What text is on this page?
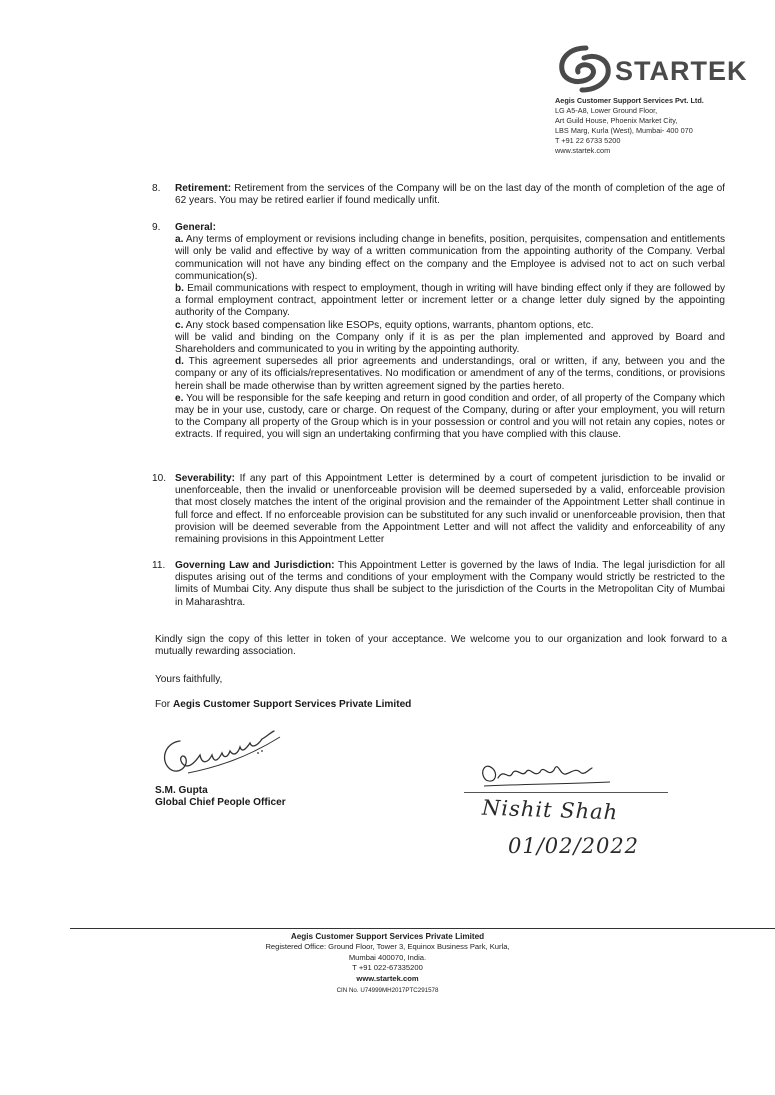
STARTEK
Aegis Customer Support Services Pvt. Ltd.
LG A5-A8, Lower Ground Floor,
Art Guild House, Phoenix Market City,
LBS Marg, Kurla (West), Mumbai- 400 070
T +91 22 6733 5200
www.startek.com
8. Retirement: Retirement from the services of the Company will be on the last day of the month of completion of the age of 62 years. You may be retired earlier if found medically unfit.

9. General:

a. Any terms of employment or revisions including change in benefits, position, perquisites, compensation and entitlements will only be valid and effective by way of a written communication from the appointing authority of the Company. Verbal communication will not have any binding effect on the company and the Employee is advised not to act on such verbal communication(s).

b. Email communications with respect to employment, though in writing will have binding effect only if they are followed by a formal employment contract, appointment letter or increment letter or a change letter duly signed by the appointing authority of the Company.

c. Any stock based compensation like ESOPs, equity options, warrants, phantom options, etc.

will be valid and binding on the Company only if it is as per the plan implemented and approved by Board and Shareholders and communicated to you in writing by the appointing authority.

d. This agreement supersedes all prior agreements and understandings, oral or written, if any, between you and the company or any of its officials/representatives. No modification or amendment of any of the terms, conditions, or provisions herein shall be made otherwise than by written agreement signed by the parties hereto.

e. You will be responsible for the safe keeping and return in good condition and order, of all property of the Company which may be in your use, custody, care or charge. On request of the Company, during or after your employment, you will return to the Company all property of the Group which is in your possession or control and you will not retain any copies, notes or extracts. If required, you will sign an undertaking confirming that you have complied with this clause.

10. Severability: If any part of this Appointment Letter is determined by a court of competent jurisdiction to be invalid or unenforceable, then the invalid or unenforceable provision will be deemed superseded by a valid, enforceable provision that most closely matches the intent of the original provision and the remainder of the Appointment Letter shall continue in full force and effect. If no enforceable provision can be substituted for any such invalid or unenforceable provision, then that provision will be deemed severable from the Appointment Letter and will not affect the validity and enforceability of any remaining provisions in this Appointment Letter

11. Governing Law and Jurisdiction: This Appointment Letter is governed by the laws of India. The legal jurisdiction for all disputes arising out of the terms and conditions of your employment with the Company would strictly be restricted to the limits of Mumbai City. Any dispute thus shall be subject to the jurisdiction of the Courts in the Metropolitan City of Mumbai in Maharashtra.

Kindly sign the copy of this letter in token of your acceptance. We welcome you to our organization and look forward to a mutually rewarding association.

Yours faithfully,

For Aegis Customer Support Services Private Limited

S.M. Gupta

Global Chief People Officer	Nishit Shah
01/02/2022
Aegis Customer Support Services Private Limited
Registered Office: Ground Floor, Tower 3, Equinox Business Park, Kurla,
Mumbai 400070, India.
T +91 022-67335200
www.startek.com
CIN No. U74999MH2017PTC291578
